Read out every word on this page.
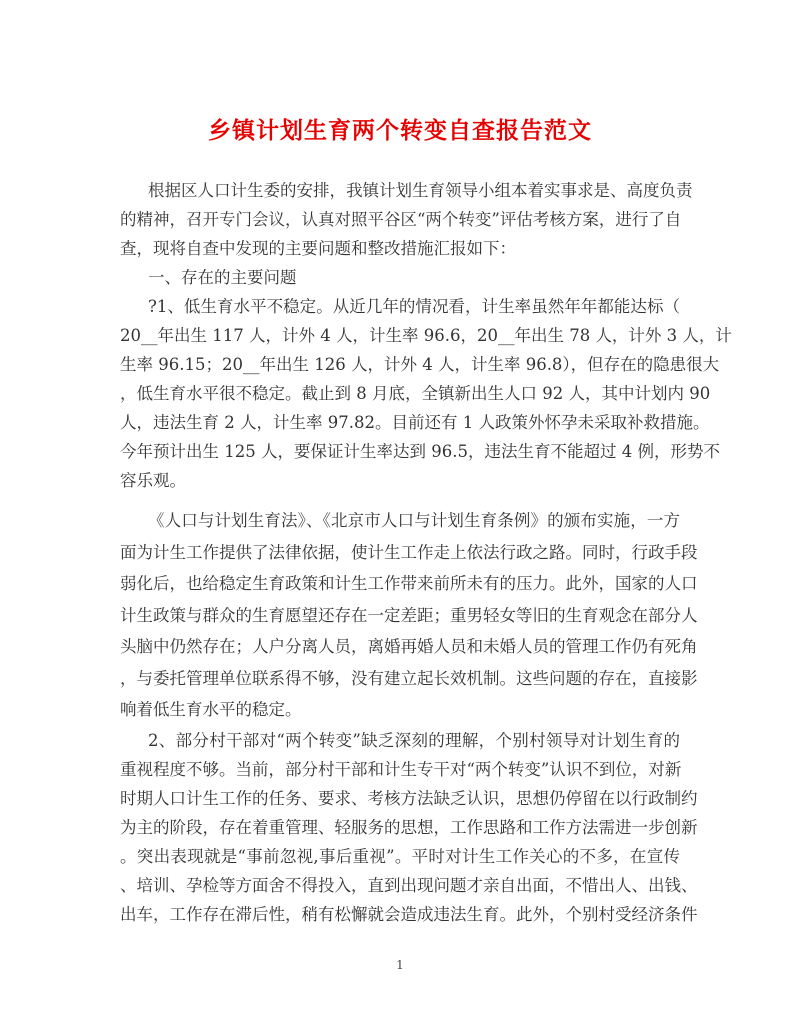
乡镇计划生育两个转变自查报告范文
根据区人口计生委的安排，我镇计划生育领导小组本着实事求是、高度负责
的精神，召开专门会议，认真对照平谷区“两个转变”评估考核方案，进行了自
查，现将自查中发现的主要问题和整改措施汇报如下：
一、存在的主要问题
?1、低生育水平不稳定。从近几年的情况看，计生率虽然年年都能达标（
20__年出生 117 人，计外 4 人，计生率 96.6，20__年出生 78 人，计外 3 人，计
生率 96.15；20__年出生 126 人，计外 4 人，计生率 96.8），但存在的隐患很大
，低生育水平很不稳定。截止到 8 月底，全镇新出生人口 92 人，其中计划内 90
人，违法生育 2 人，计生率 97.82。目前还有 1 人政策外怀孕未采取补救措施。
今年预计出生 125 人，要保证计生率达到 96.5，违法生育不能超过 4 例，形势不
容乐观。
《人口与计划生育法》、《北京市人口与计划生育条例》的颁布实施，一方
面为计生工作提供了法律依据，使计生工作走上依法行政之路。同时，行政手段
弱化后，也给稳定生育政策和计生工作带来前所未有的压力。此外，国家的人口
计生政策与群众的生育愿望还存在一定差距；重男轻女等旧的生育观念在部分人
头脑中仍然存在；人户分离人员，离婚再婚人员和未婚人员的管理工作仍有死角
，与委托管理单位联系得不够，没有建立起长效机制。这些问题的存在，直接影
响着低生育水平的稳定。
2、部分村干部对“两个转变”缺乏深刻的理解，个别村领导对计划生育的
重视程度不够。当前，部分村干部和计生专干对“两个转变”认识不到位，对新
时期人口计生工作的任务、要求、考核方法缺乏认识，思想仍停留在以行政制约
为主的阶段，存在着重管理、轻服务的思想，工作思路和工作方法需进一步创新
。突出表现就是“事前忽视,事后重视”。平时对计生工作关心的不多，在宣传
、培训、孕检等方面舍不得投入，直到出现问题才亲自出面，不惜出人、出钱、
出车，工作存在滞后性，稍有松懈就会造成违法生育。此外，个别村受经济条件
1
